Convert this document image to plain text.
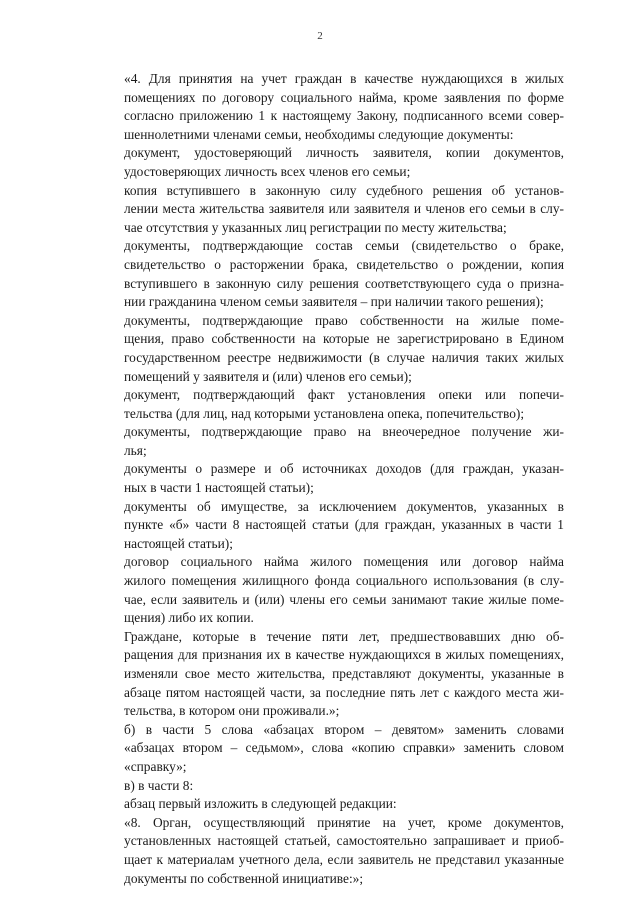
2

«4. Для принятия на учет граждан в качестве нуждающихся в жилых
помещениях по договору социального найма, кроме заявления по форме
согласно приложению 1 к настоящему Закону, подписанного всеми совер-
шеннолетними членами семьи, необходимы следующие документы:

документ, удостоверяющий личность заявителя, копии документов,
удостоверяющих личность всех членов его семьи;

копия вступившего в законную силу судебного решения об установ-
лении места жительства заявителя или заявителя и членов его семьи в слу-
чае отсутствия у указанных лиц регистрации по месту жительства;

документы, подтверждающие состав семьи (свидетельство о браке,
свидетельство о расторжении брака, свидетельство о рождении, копия
вступившего в законную силу решения соответствующего суда о призна-
нии гражданина членом семьи заявителя – при наличии такого решения);

документы, подтверждающие право собственности на жилые поме-
щения, право собственности на которые не зарегистрировано в Едином
государственном реестре недвижимости (в случае наличия таких жилых
помещений у заявителя и (или) членов его семьи);

документ, подтверждающий факт установления опеки или попечи-
тельства (для лиц, над которыми установлена опека, попечительство);

документы, подтверждающие право на внеочередное получение жи-
лья;

документы о размере и об источниках доходов (для граждан, указан-
ных в части 1 настоящей статьи);

документы об имуществе, за исключением документов, указанных в
пункте «б» части 8 настоящей статьи (для граждан, указанных в части 1
настоящей статьи);

договор социального найма жилого помещения или договор найма
жилого помещения жилищного фонда социального использования (в слу-
чае, если заявитель и (или) члены его семьи занимают такие жилые поме-
щения) либо их копии.

Граждане, которые в течение пяти лет, предшествовавших дню об-
ращения для признания их в качестве нуждающихся в жилых помещениях,
изменяли свое место жительства, представляют документы, указанные в
абзаце пятом настоящей части, за последние пять лет с каждого места жи-
тельства, в котором они проживали.»;

б) в части 5 слова «абзацах втором – девятом» заменить словами
«абзацах втором – седьмом», слова «копию справки» заменить словом
«справку»;

в) в части 8:

абзац первый изложить в следующей редакции:

«8. Орган, осуществляющий принятие на учет, кроме документов,
установленных настоящей статьей, самостоятельно запрашивает и приоб-
щает к материалам учетного дела, если заявитель не представил указанные
документы по собственной инициативе:»;
